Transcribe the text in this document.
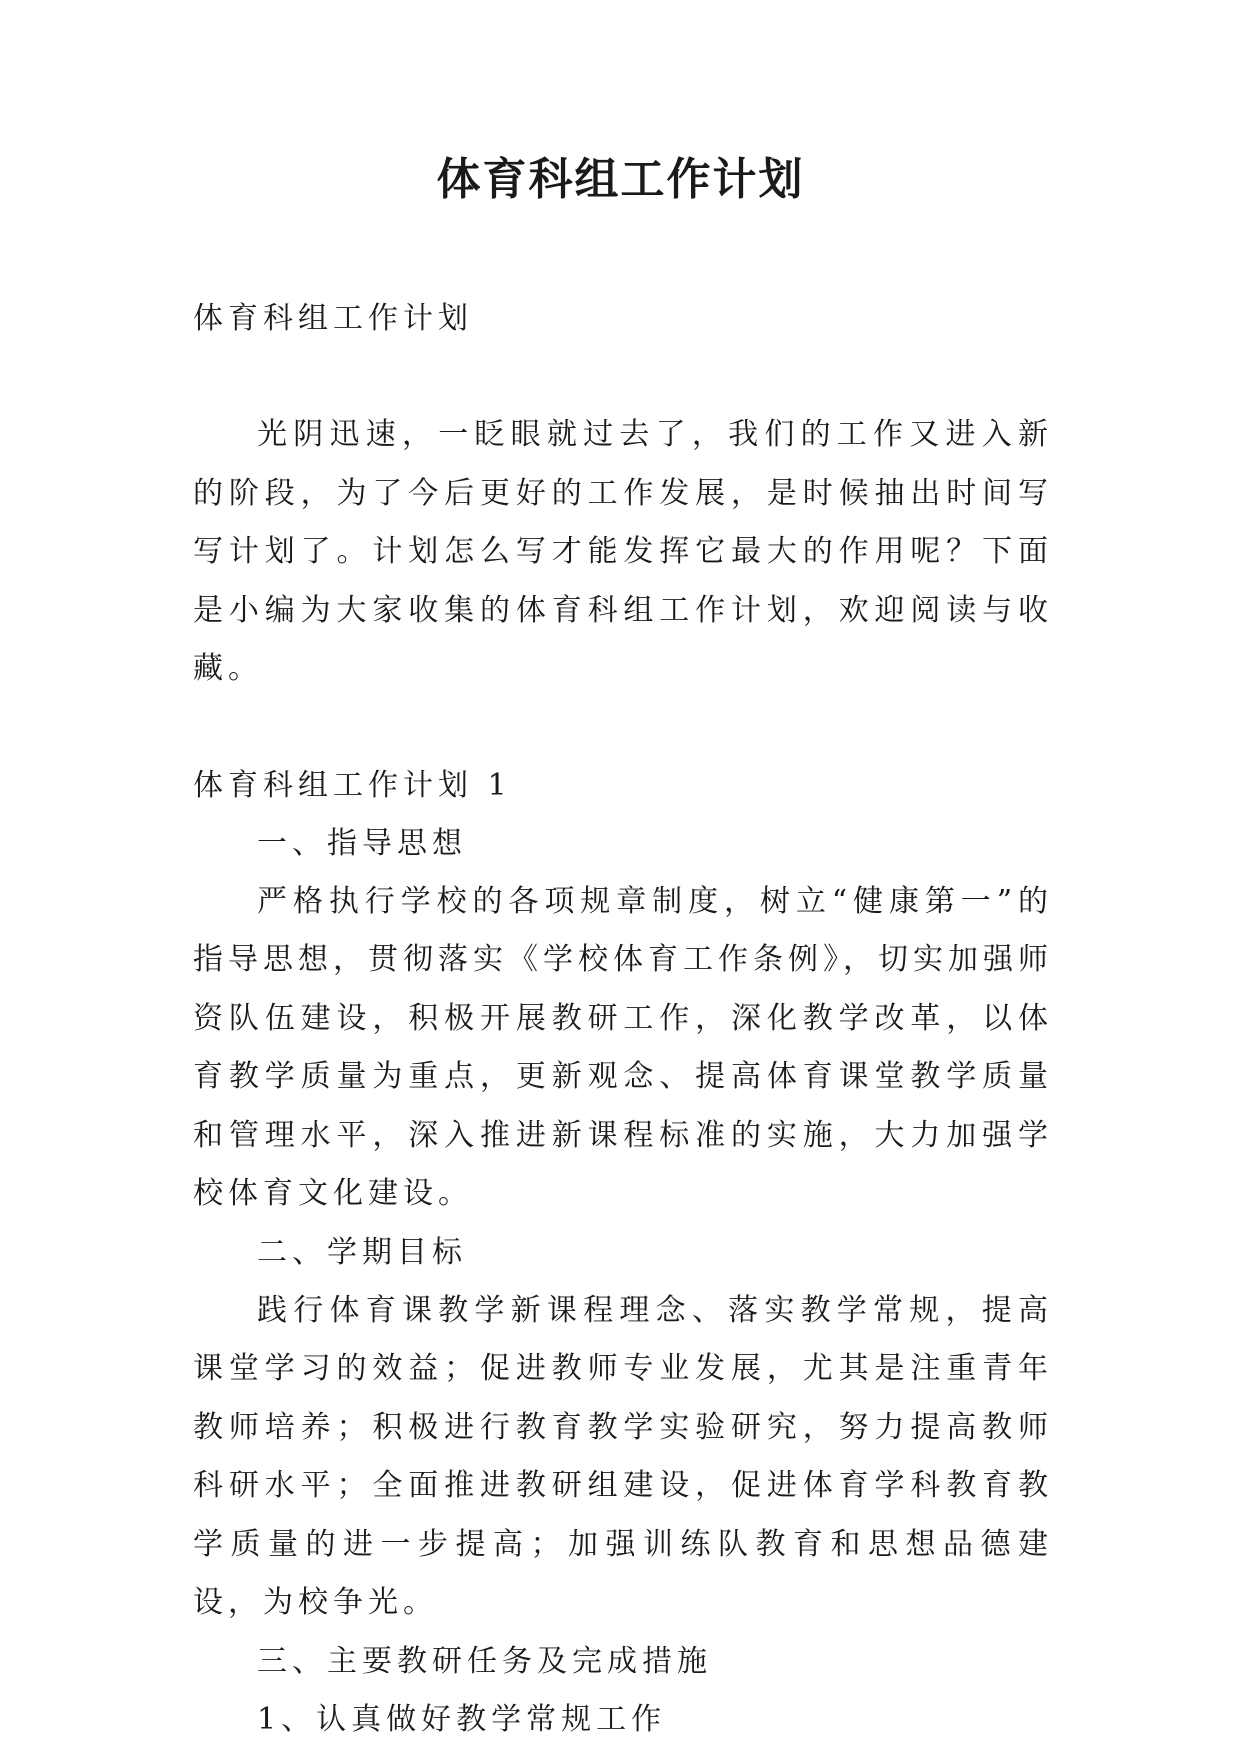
体育科组工作计划

体育科组工作计划

光阴迅速，一眨眼就过去了，我们的工作又进入新的阶段，为了今后更好的工作发展，是时候抽出时间写写计划了。计划怎么写才能发挥它最大的作用呢？下面是小编为大家收集的体育科组工作计划，欢迎阅读与收藏。

体育科组工作计划 1

一、指导思想

严格执行学校的各项规章制度，树立“健康第一”的指导思想，贯彻落实《学校体育工作条例》，切实加强师资队伍建设，积极开展教研工作，深化教学改革，以体育教学质量为重点，更新观念、提高体育课堂教学质量和管理水平，深入推进新课程标准的实施，大力加强学校体育文化建设。

二、学期目标

践行体育课教学新课程理念、落实教学常规，提高课堂学习的效益；促进教师专业发展，尤其是注重青年教师培养；积极进行教育教学实验研究，努力提高教师科研水平；全面推进教研组建设，促进体育学科教育教学质量的进一步提高；加强训练队教育和思想品德建设，为校争光。

三、主要教研任务及完成措施

1、认真做好教学常规工作
